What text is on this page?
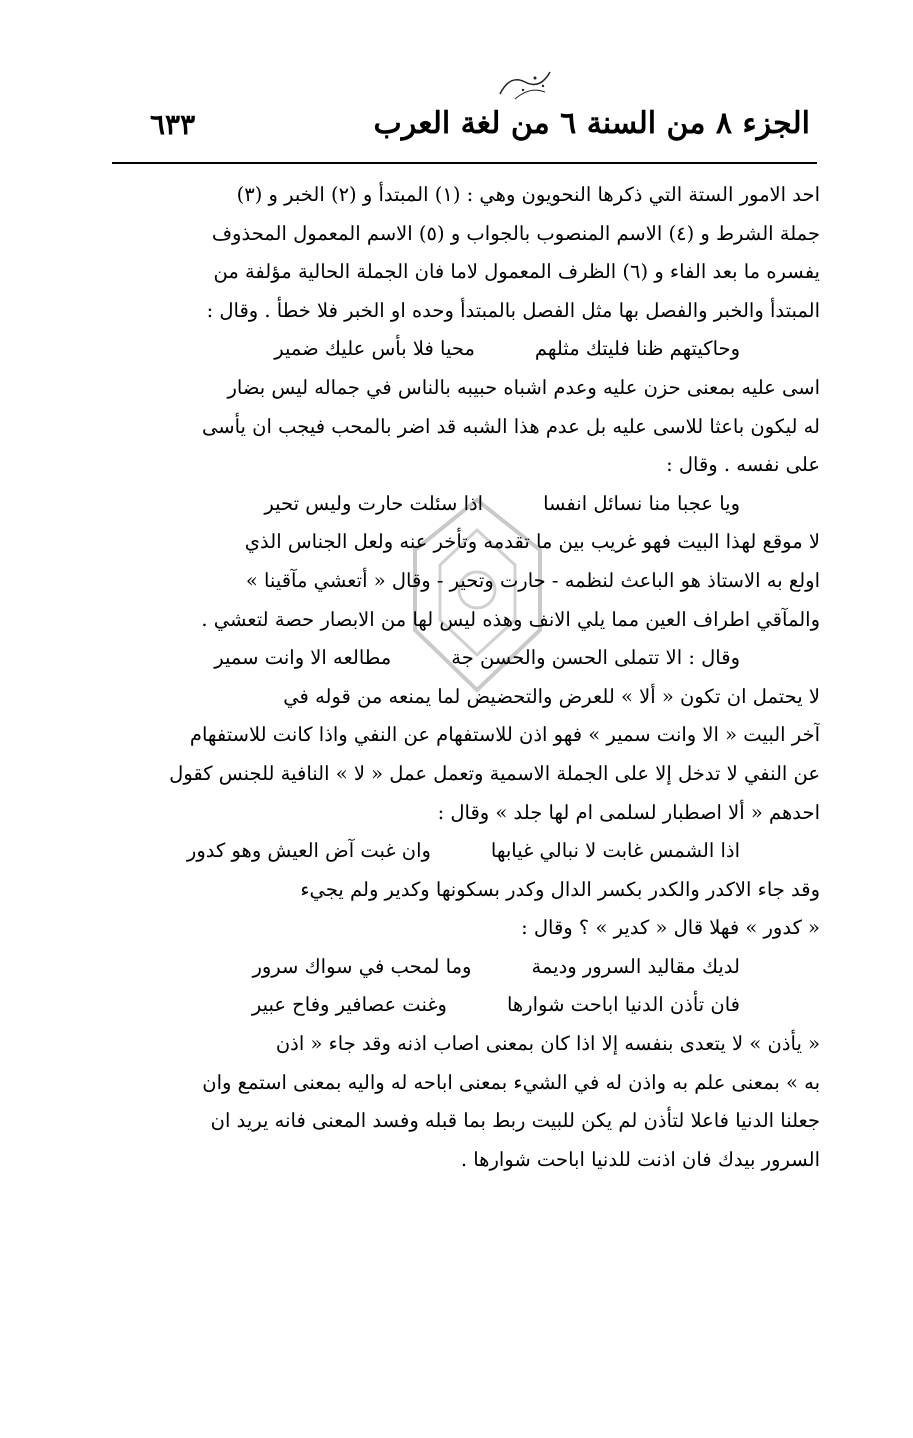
الجزء ٨ من السنة ٦ من لغة العرب
٦٣٣
احد الامور الستة التي ذكرها النحويون وهي : (١) المبتدأ و (٢) الخبر و (٣)
جملة الشرط و (٤) الاسم المنصوب بالجواب و (٥) الاسم المعمول المحذوف
يفسره ما بعد الفاء و (٦) الظرف المعمول لاما فان الجملة الحالية مؤلفة من
المبتدأ والخبر والفصل بها مثل الفصل بالمبتدأ وحده او الخبر فلا خطأ . وقال :
وحاكيتهم ظنا فليتك مثلهم
محيا فلا بأس عليك ضمير
اسى عليه بمعنى حزن عليه وعدم اشباه حبيبه بالناس في جماله ليس بضار
له ليكون باعثا للاسى عليه بل عدم هذا الشبه قد اضر بالمحب فيجب ان يأسى
على نفسه . وقال :
ويا عجبا منا نسائل انفسا
اذا سئلت حارت وليس تحير
لا موقع لهذا البيت فهو غريب بين ما تقدمه وتأخر عنه ولعل الجناس الذي
اولع به الاستاذ هو الباعث لنظمه - حارت وتحير - وقال « أتعشي مآقينا »
والمآقي اطراف العين مما يلي الانف وهذه ليس لها من الابصار حصة لتعشي .
وقال : الا تتملى الحسن والحسن جة
مطالعه الا وانت سمير
لا يحتمل ان تكون « ألا » للعرض والتحضيض لما يمنعه من قوله في
آخر البيت « الا وانت سمير » فهو اذن للاستفهام عن النفي واذا كانت للاستفهام
عن النفي لا تدخل إلا على الجملة الاسمية وتعمل عمل « لا » النافية للجنس كقول
احدهم « ألا اصطبار لسلمى ام لها جلد » وقال :
اذا الشمس غابت لا نبالي غيابها
وان غبت آض العيش وهو كدور
وقد جاء الاكدر والكدر بكسر الدال وكدر بسكونها وكدير ولم يجيء
« كدور » فهلا قال « كدير » ؟ وقال :
لديك مقاليد السرور وديمة
وما لمحب في سواك سرور
فان تأذن الدنيا اباحت شوارها
وغنت عصافير وفاح عبير
« يأذن » لا يتعدى بنفسه إلا اذا كان بمعنى اصاب اذنه وقد جاء « اذن
به » بمعنى علم به واذن له في الشيء بمعنى اباحه له واليه بمعنى استمع وان
جعلنا الدنيا فاعلا لتأذن لم يكن للبيت ربط بما قبله وفسد المعنى فانه يريد ان
السرور بيدك فان اذنت للدنيا اباحت شوارها .
